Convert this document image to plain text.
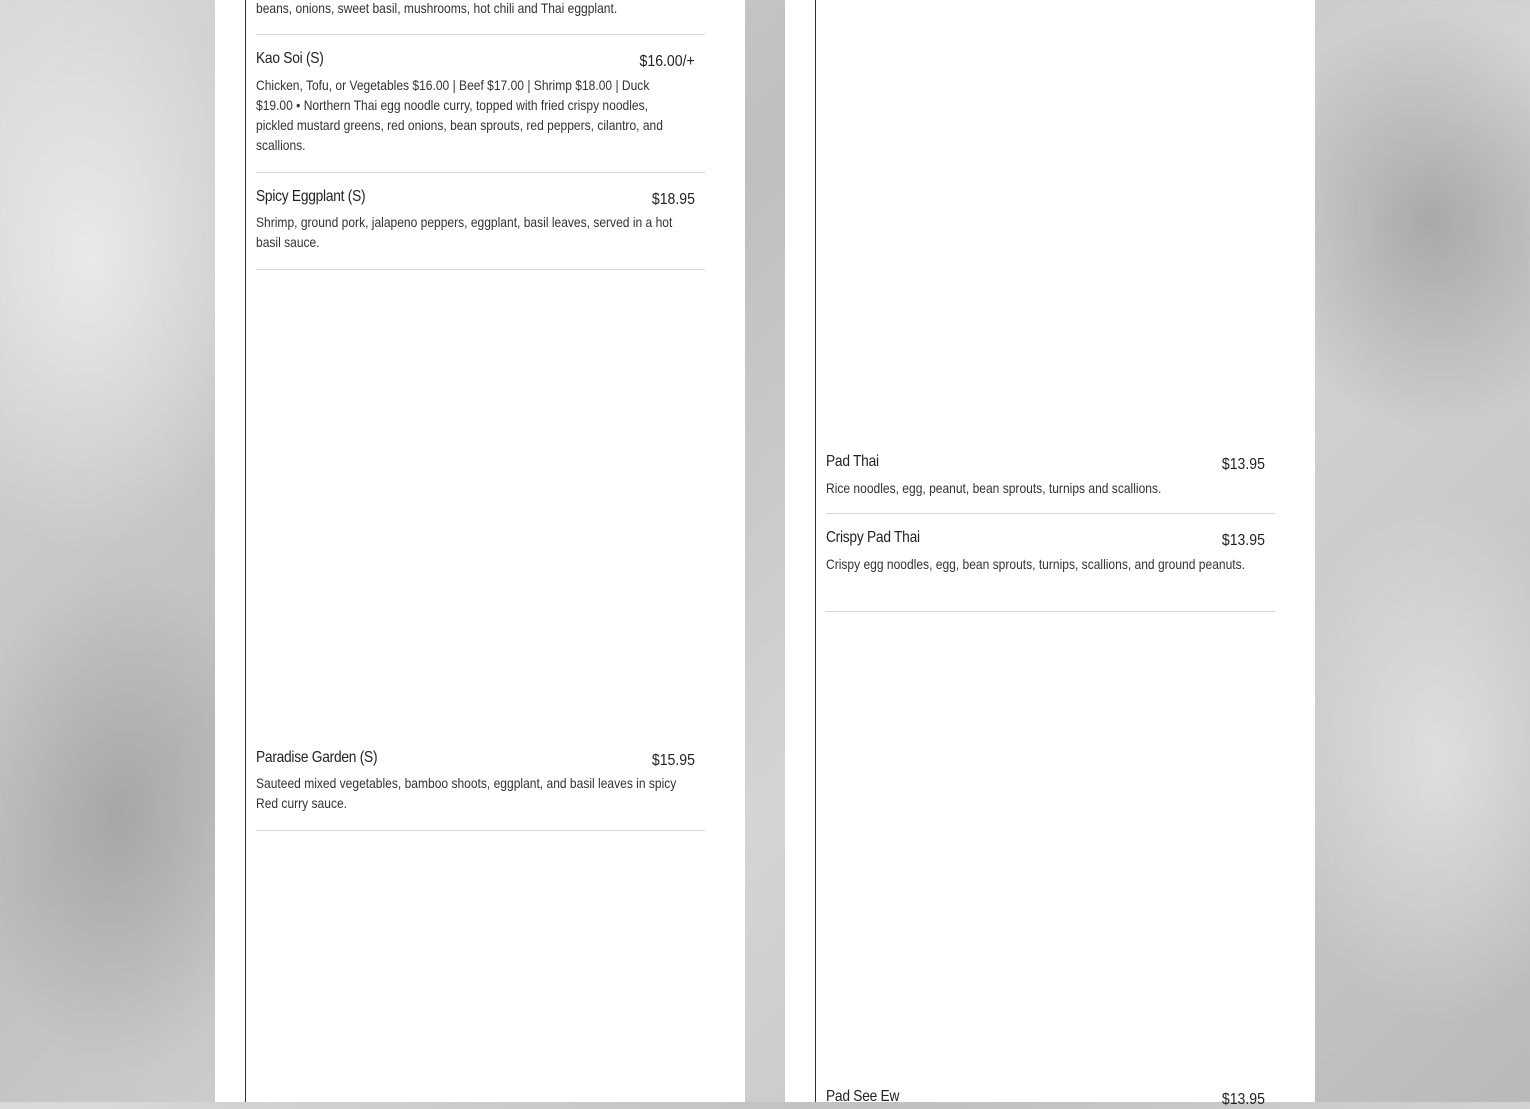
beans, onions, sweet basil, mushrooms, hot chili and Thai eggplant.
Kao Soi (S)	$16.00/+
Chicken, Tofu, or Vegetables $16.00 | Beef $17.00 | Shrimp $18.00 | Duck $19.00 • Northern Thai egg noodle curry, topped with fried crispy noodles, pickled mustard greens, red onions, bean sprouts, red peppers, cilantro, and scallions.
Spicy Eggplant (S)	$18.95
Shrimp, ground pork, jalapeno peppers, eggplant, basil leaves, served in a hot basil sauce.
Paradise Garden (S)	$15.95
Sauteed mixed vegetables, bamboo shoots, eggplant, and basil leaves in spicy Red curry sauce.
Pad Thai	$13.95
Rice noodles, egg, peanut, bean sprouts, turnips and scallions.
Crispy Pad Thai	$13.95
Crispy egg noodles, egg, bean sprouts, turnips, scallions, and ground peanuts.
Pad See Ew	$13.95
